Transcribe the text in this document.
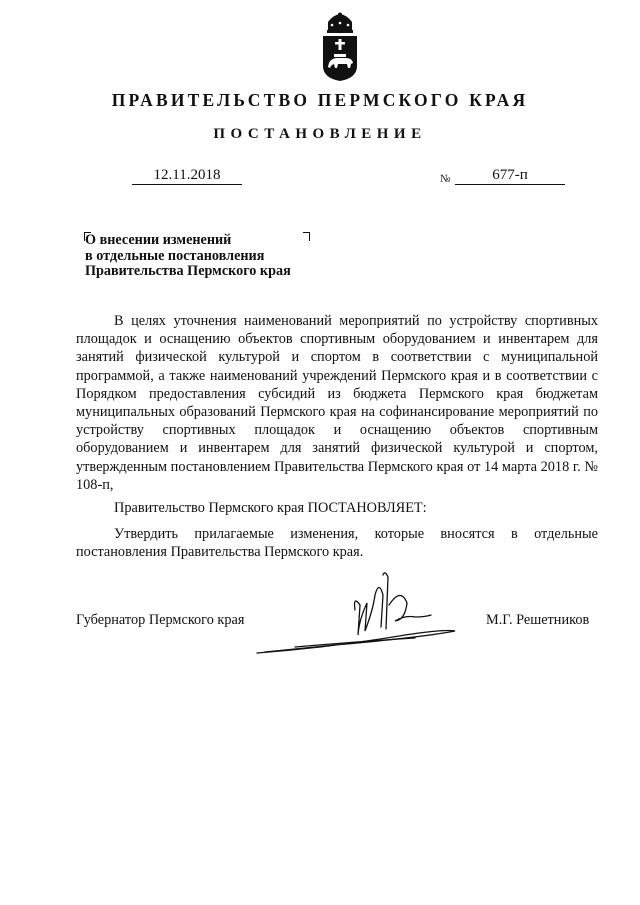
ПРАВИТЕЛЬСТВО ПЕРМСКОГО КРАЯ
ПОСТАНОВЛЕНИЕ
12.11.2018	№	677-п
О внесении изменений
в отдельные постановления
Правительства Пермского края
В целях уточнения наименований мероприятий по устройству спортивных площадок и оснащению объектов спортивным оборудованием и инвентарем для занятий физической культурой и спортом в соответствии с муниципальной программой, а также наименований учреждений Пермского края и в соответствии с Порядком предоставления субсидий из бюджета Пермского края бюджетам муниципальных образований Пермского края на софинансирование мероприятий по устройству спортивных площадок и оснащению объектов спортивным оборудованием и инвентарем для занятий физической культурой и спортом, утвержденным постановлением Правительства Пермского края от 14 марта 2018 г. № 108-п,
Правительство Пермского края ПОСТАНОВЛЯЕТ:
Утвердить прилагаемые изменения, которые вносятся в отдельные постановления Правительства Пермского края.
Губернатор Пермского края	М.Г. Решетников
